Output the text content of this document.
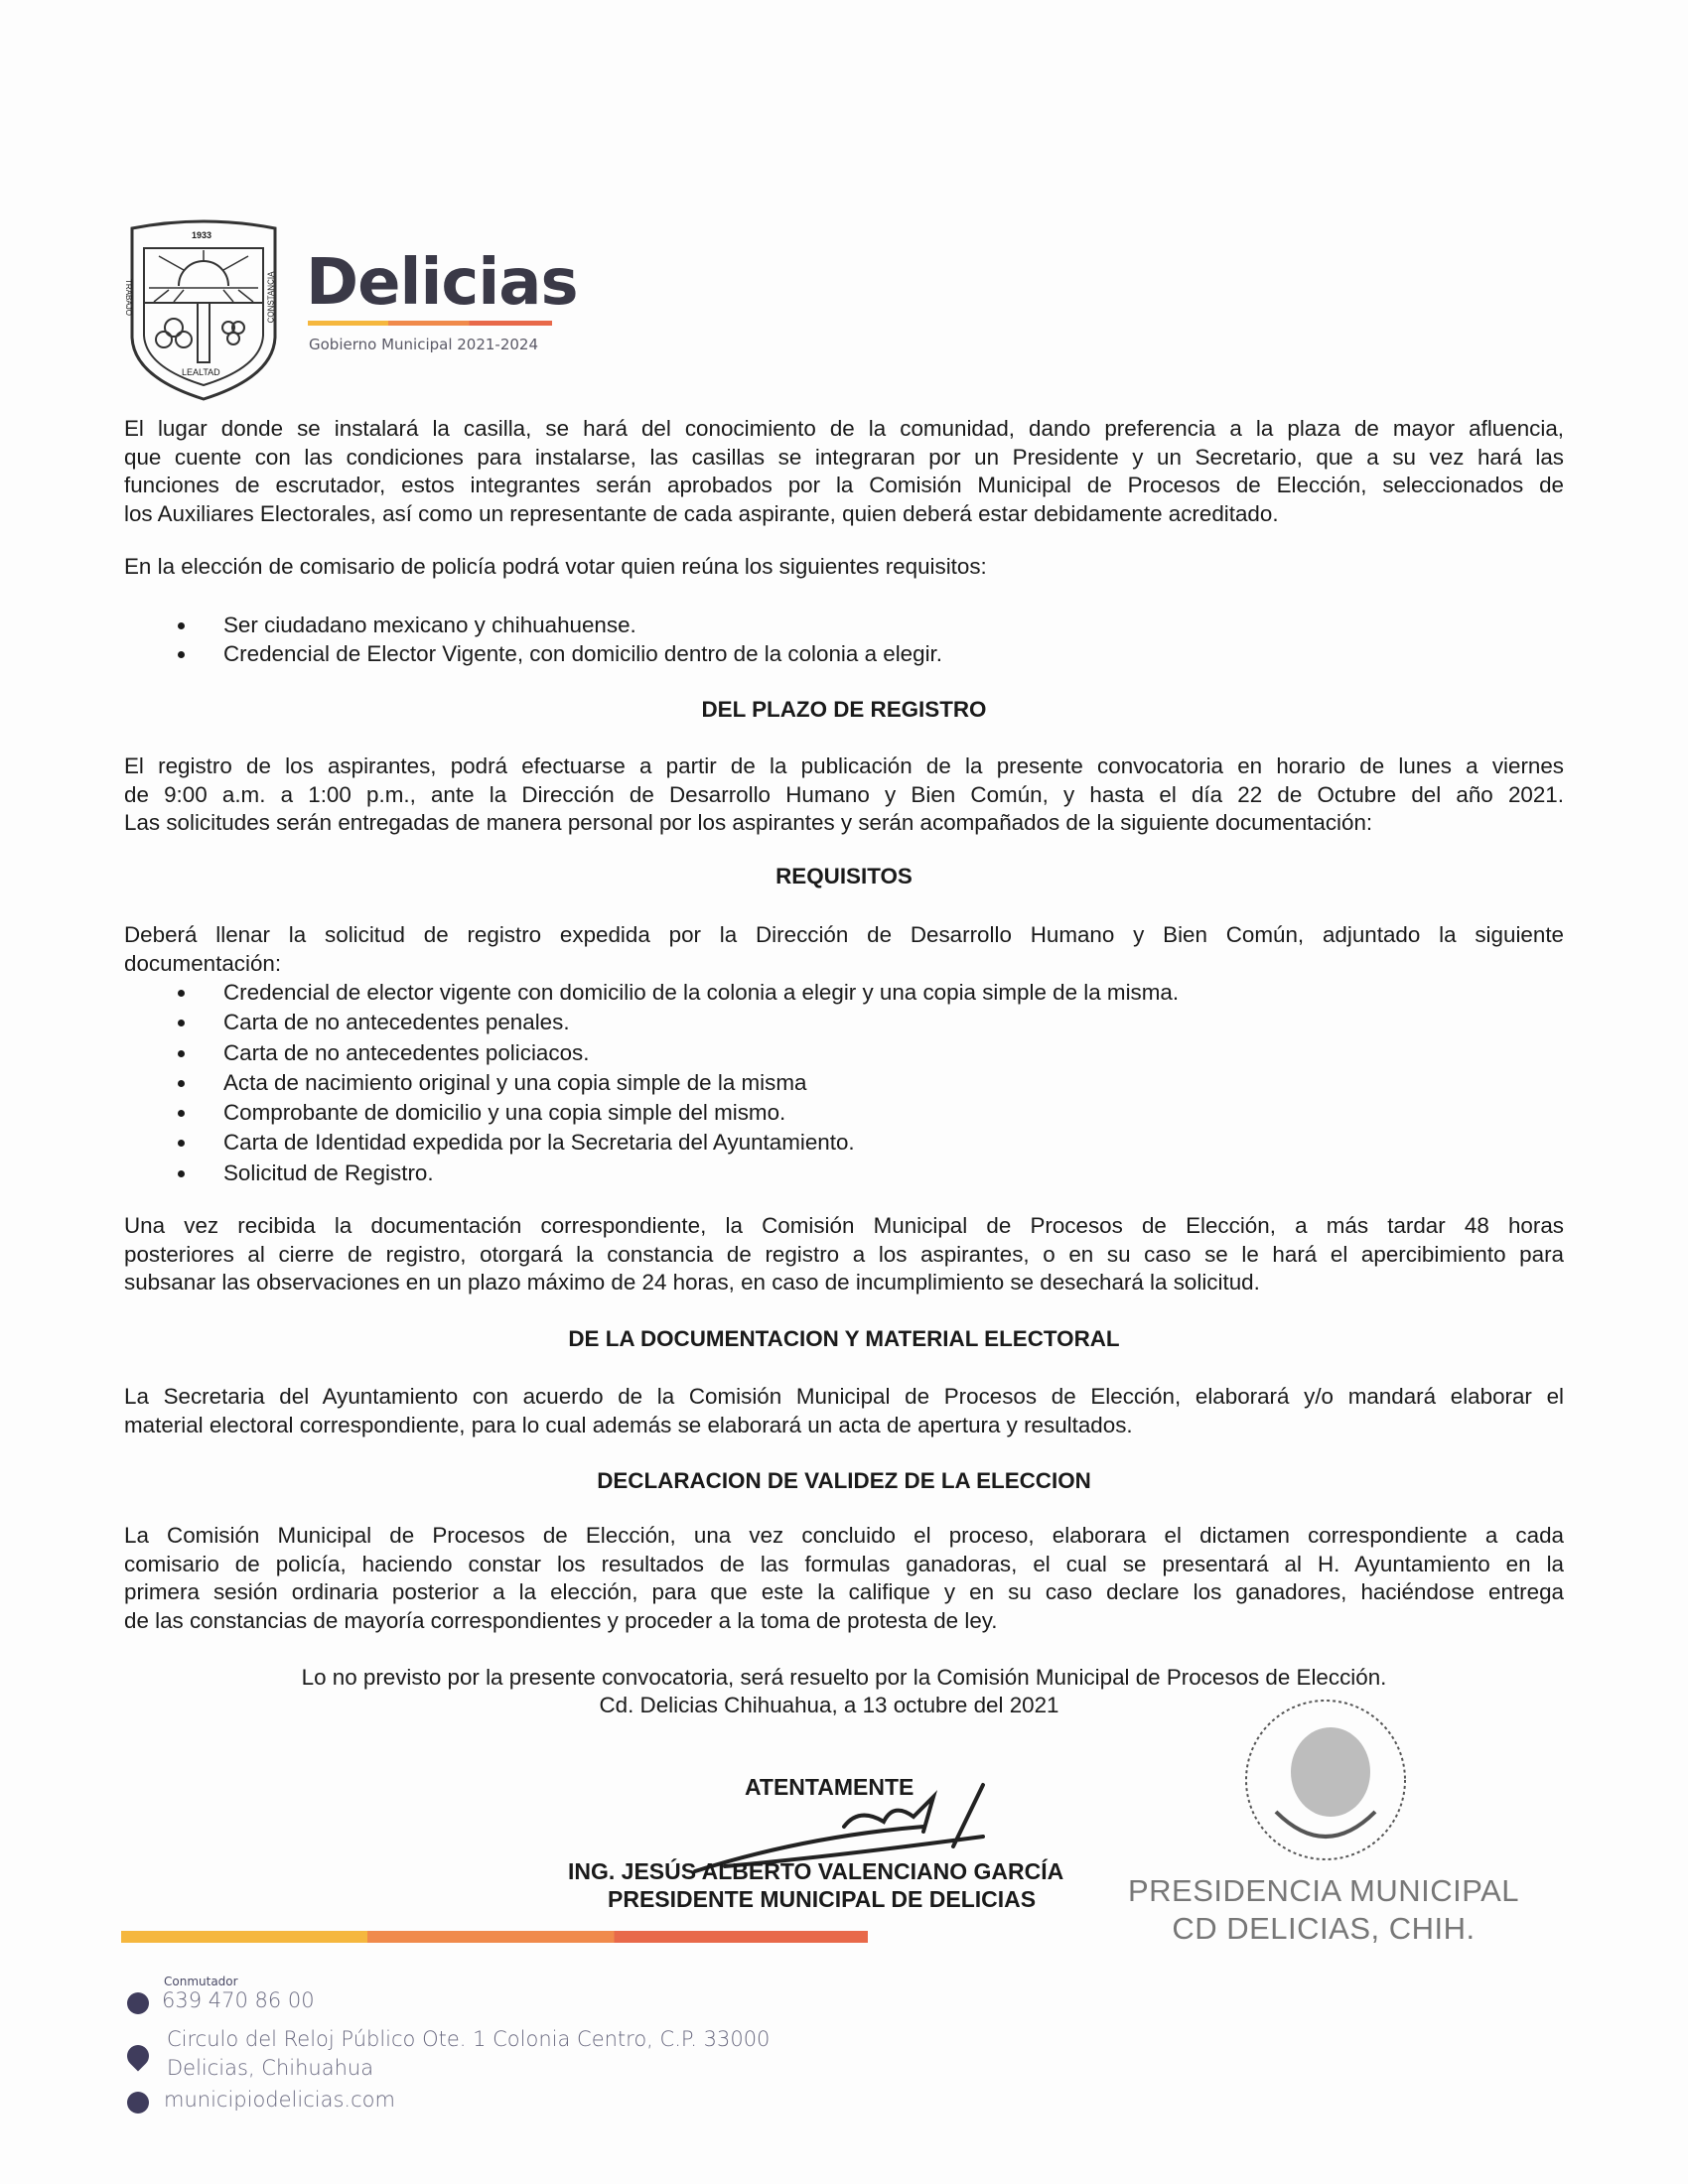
1933
LEALTAD
TRABAJO	CONSTANCIA Delicias
Gobierno Municipal 2021-2024
El lugar donde se instalará la casilla, se hará del conocimiento de la comunidad, dando preferencia a la plaza de mayor afluencia,
que cuente con las condiciones para instalarse, las casillas se integraran por un Presidente y un Secretario, que a su vez hará las
funciones de escrutador, estos integrantes serán aprobados por la Comisión Municipal de Procesos de Elección, seleccionados de
los Auxiliares Electorales, así como un representante de cada aspirante, quien deberá estar debidamente acreditado.
En la elección de comisario de policía podrá votar quien reúna los siguientes requisitos:
Ser ciudadano mexicano y chihuahuense.
Credencial de Elector Vigente, con domicilio dentro de la colonia a elegir.
DEL PLAZO DE REGISTRO
El registro de los aspirantes, podrá efectuarse a partir de la publicación de la presente convocatoria en horario de lunes a viernes
de 9:00 a.m. a 1:00 p.m., ante la Dirección de Desarrollo Humano y Bien Común, y hasta el día 22 de Octubre del año 2021.
Las solicitudes serán entregadas de manera personal por los aspirantes y serán acompañados de la siguiente documentación:
REQUISITOS
Deberá llenar la solicitud de registro expedida por la Dirección de Desarrollo Humano y Bien Común, adjuntado la siguiente
documentación:
Credencial de elector vigente con domicilio de la colonia a elegir y una copia simple de la misma.
Carta de no antecedentes penales.
Carta de no antecedentes policiacos.
Acta de nacimiento original y una copia simple de la misma
Comprobante de domicilio y una copia simple del mismo.
Carta de Identidad expedida por la Secretaria del Ayuntamiento.
Solicitud de Registro.
Una vez recibida la documentación correspondiente, la Comisión Municipal de Procesos de Elección, a más tardar 48 horas
posteriores al cierre de registro, otorgará la constancia de registro a los aspirantes, o en su caso se le hará el apercibimiento para
subsanar las observaciones en un plazo máximo de 24 horas, en caso de incumplimiento se desechará la solicitud.
DE LA DOCUMENTACION Y MATERIAL ELECTORAL
La Secretaria del Ayuntamiento con acuerdo de la Comisión Municipal de Procesos de Elección, elaborará y/o mandará elaborar el
material electoral correspondiente, para lo cual además se elaborará un acta de apertura y resultados.
DECLARACION DE VALIDEZ DE LA ELECCION
La Comisión Municipal de Procesos de Elección, una vez concluido el proceso, elaborara el dictamen correspondiente a cada
comisario de policía, haciendo constar los resultados de las formulas ganadoras, el cual se presentará al H. Ayuntamiento en la
primera sesión ordinaria posterior a la elección, para que este la califique y en su caso declare los ganadores, haciéndose entrega
de las constancias de mayoría correspondientes y proceder a la toma de protesta de ley.
Lo no previsto por la presente convocatoria, será resuelto por la Comisión Municipal de Procesos de Elección.
Cd. Delicias Chihuahua, a 13 octubre del 2021
ATENTAMENTE
ING. JESÚS ALBERTO VALENCIANO GARCÍA
PRESIDENTE MUNICIPAL DE DELICIAS	PRESIDENCIA MUNICIPAL
CD DELICIAS, CHIH.
Conmutador
639 470 86 00
Circulo del Reloj Público Ote. 1 Colonia Centro, C.P. 33000
Delicias, Chihuahua
municipiodelicias.com
